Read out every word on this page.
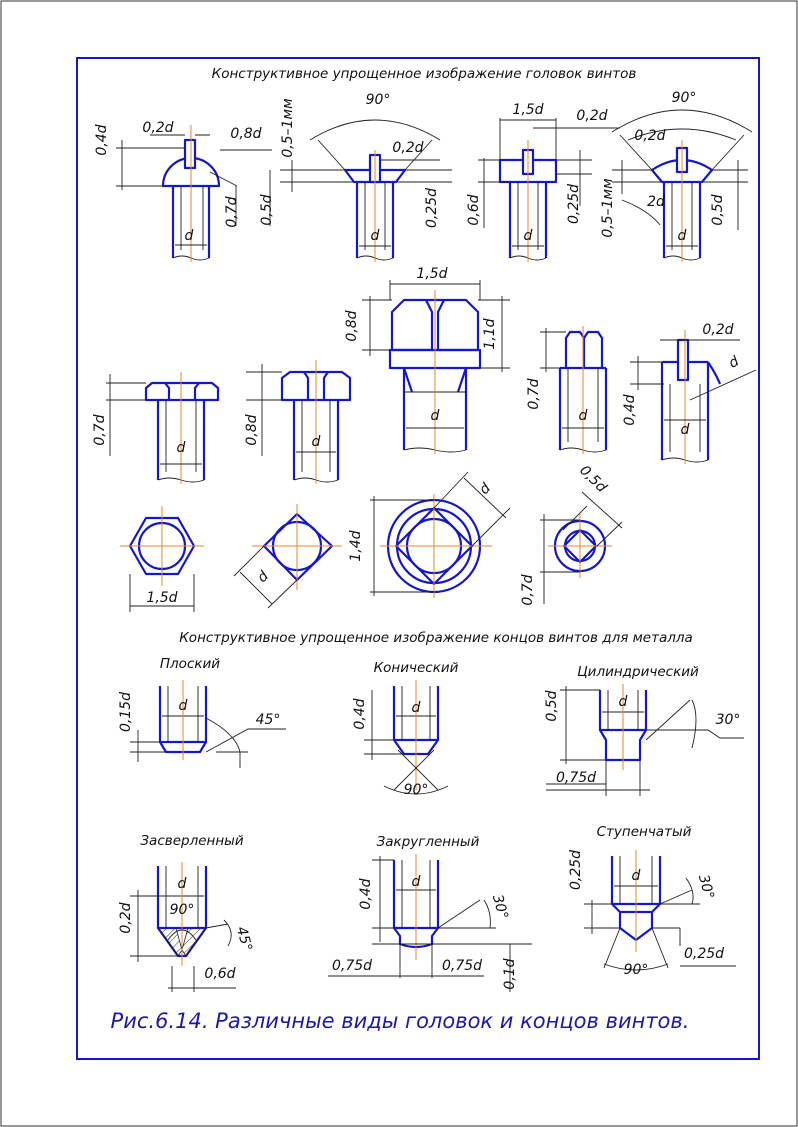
Конструктивное упрощенное изображение головок винтов
Конструктивное упрощенное изображение концов винтов для металла
0,4d 0,2d	0,8d
0,7d
d
90°
0,5–1мм	0,2d
0,5d	0,25d
d
1,5d 0,2d
0,6d	0,25d
d
90°
0,2d
2d
0,5–1мм	0,5d
d
0,7d
d
0,8d	d
1,5d
0,8d	1,1d
d
0,7d
d
0,2d
0,4d
d
d
1,5d
d
1,4d
d	0,5d
0,7d
Плоский
0,15d	d
45°
Конический
0,4d	d
90°
Цилиндрический
0,5d	d
30°
0,75d
Засверленный
0,2d
d
90°
45°
0,6d
Закругленный
0,4d	d
30°
0,75d	0,75d 0,1d
Ступенчатый
0,25d	d	30°
0,25d
90°
Рис.6.14. Различные виды головок и концов винтов.
